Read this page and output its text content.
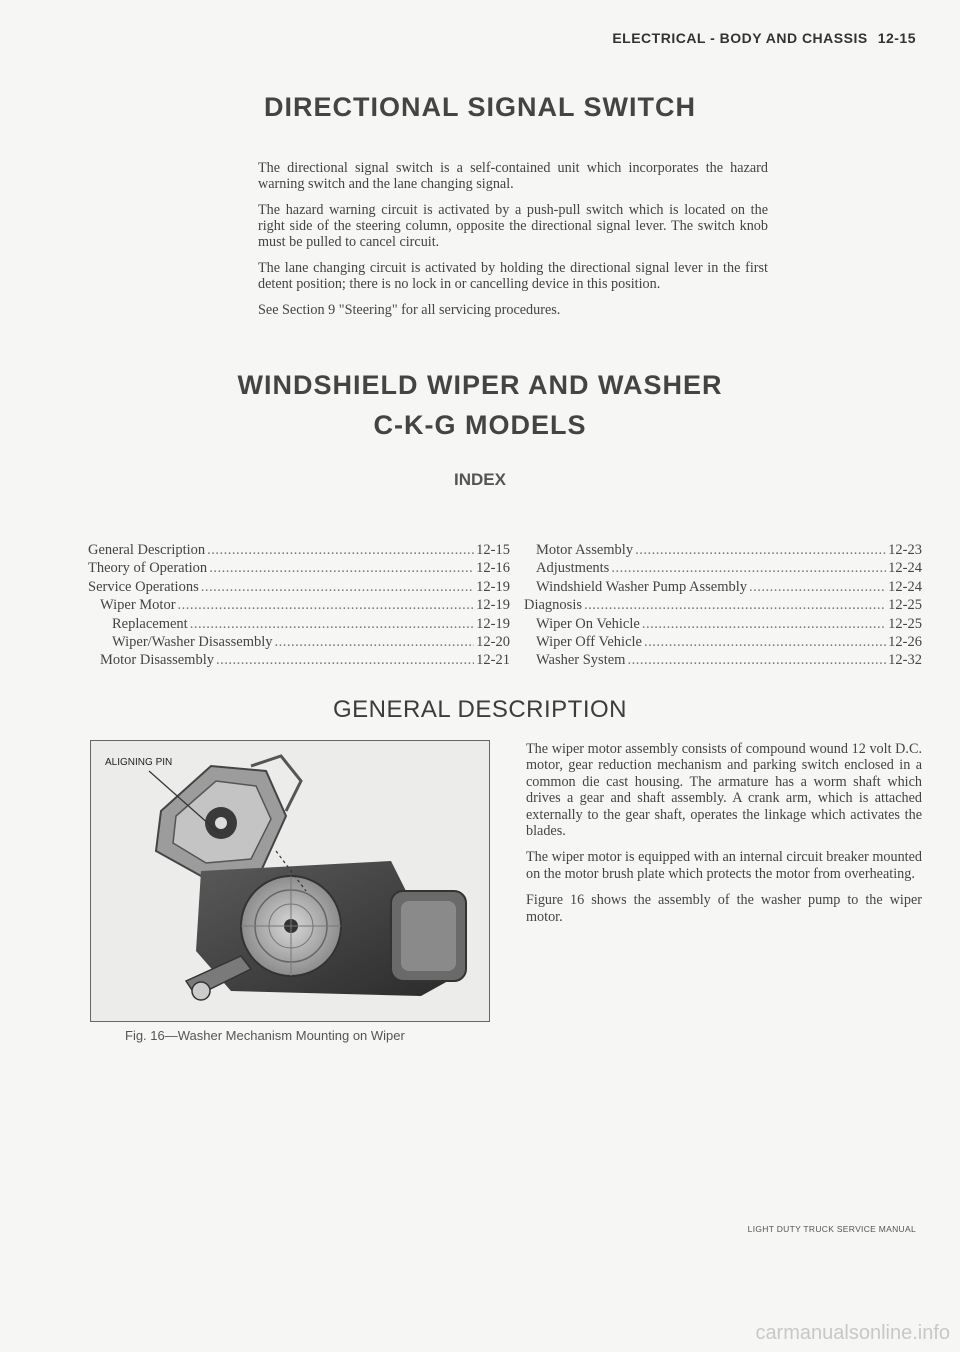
ELECTRICAL - BODY AND CHASSIS 12-15
DIRECTIONAL SIGNAL SWITCH

The directional signal switch is a self-contained unit which incorporates the hazard warning switch and the lane changing signal.

The hazard warning circuit is activated by a push-pull switch which is located on the right side of the steering column, opposite the directional signal lever. The switch knob must be pulled to cancel circuit.

The lane changing circuit is activated by holding the directional signal lever in the first detent position; there is no lock in or cancelling device in this position.

See Section 9 "Steering" for all servicing procedures.

WINDSHIELD WIPER AND WASHER
C-K-G MODELS
INDEX
General Description .....	12-15
Theory of Operation .....	12-16
Service Operations .....	12-19
Wiper Motor .....	12-19
Replacement .....	12-19
Wiper/Washer Disassembly .....	12-20
Motor Disassembly .....	12-21
Motor Assembly .....	12-23
Adjustments .....	12-24
Windshield Washer Pump Assembly .....	12-24
Diagnosis .....	12-25
Wiper On Vehicle .....	12-25
Wiper Off Vehicle .....	12-26
Washer System .....	12-32
GENERAL DESCRIPTION
ALIGNING PIN
Fig. 16—Washer Mechanism Mounting on Wiper

The wiper motor assembly consists of compound wound 12 volt D.C. motor, gear reduction mechanism and parking switch enclosed in a common die cast housing. The armature has a worm shaft which drives a gear and shaft assembly. A crank arm, which is attached externally to the gear shaft, operates the linkage which activates the blades.

The wiper motor is equipped with an internal circuit breaker mounted on the motor brush plate which protects the motor from overheating.

Figure 16 shows the assembly of the washer pump to the wiper motor.

LIGHT DUTY TRUCK SERVICE MANUAL
carmanualsonline.info
